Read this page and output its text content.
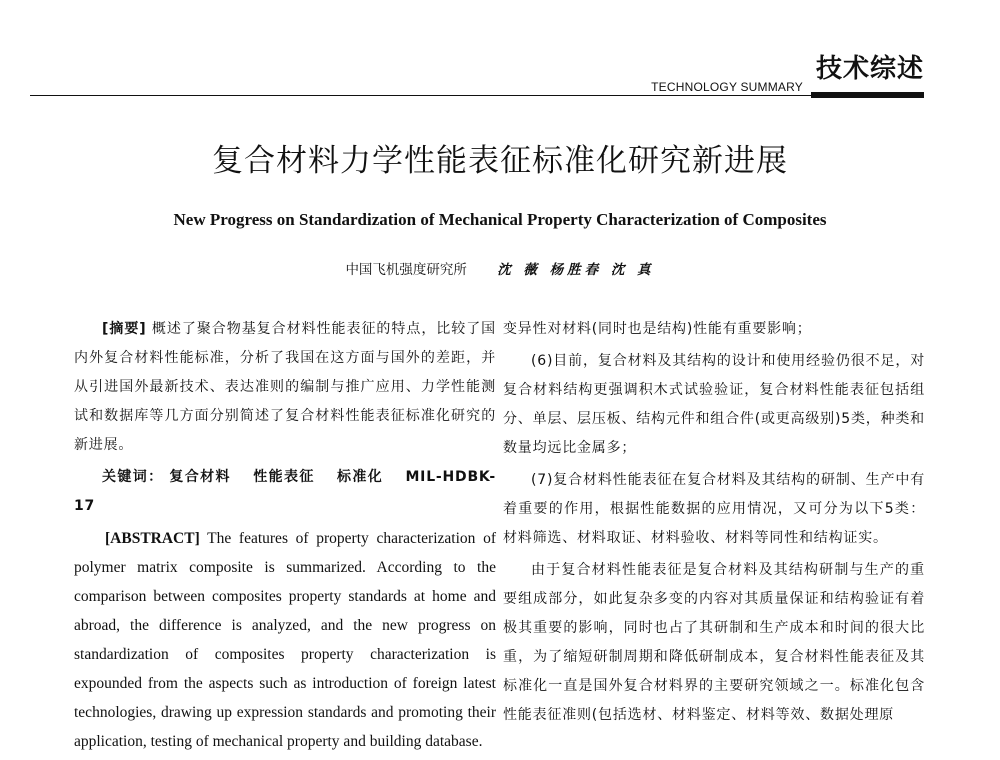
TECHNOLOGY SUMMARY
技术综述
复合材料力学性能表征标准化研究新进展
New Progress on Standardization of Mechanical Property Characterization of Composites
中国飞机强度研究所 沈 薇 杨胜春 沈 真

[摘要] 概述了聚合物基复合材料性能表征的特点，比较了国内外复合材料性能标准，分析了我国在这方面与国外的差距，并从引进国外最新技术、表达准则的编制与推广应用、力学性能测试和数据库等几方面分别简述了复合材料性能表征标准化研究的新进展。

关键词： 复合材料 性能表征 标准化 MIL-HDBK-17

[ABSTRACT] The features of property characterization of polymer matrix composite is summarized. According to the comparison between composites property standards at home and abroad, the difference is analyzed, and the new progress on standardization of composites property characterization is expounded from the aspects such as introduction of foreign latest technologies, drawing up expression standards and promoting their application, testing of mechanical property and building database.

变异性对材料(同时也是结构)性能有重要影响；

(6)目前，复合材料及其结构的设计和使用经验仍很不足，对复合材料结构更强调积木式试验验证，复合材料性能表征包括组分、单层、层压板、结构元件和组合件(或更高级别)5类，种类和数量均远比金属多；

(7)复合材料性能表征在复合材料及其结构的研制、生产中有着重要的作用，根据性能数据的应用情况，又可分为以下5类：材料筛选、材料取证、材料验收、材料等同性和结构证实。

由于复合材料性能表征是复合材料及其结构研制与生产的重要组成部分，如此复杂多变的内容对其质量保证和结构验证有着极其重要的影响，同时也占了其研制和生产成本和时间的很大比重，为了缩短研制周期和降低研制成本，复合材料性能表征及其标准化一直是国外复合材料界的主要研究领域之一。标准化包含性能表征准则(包括选材、材料鉴定、材料等效、数据处理原
